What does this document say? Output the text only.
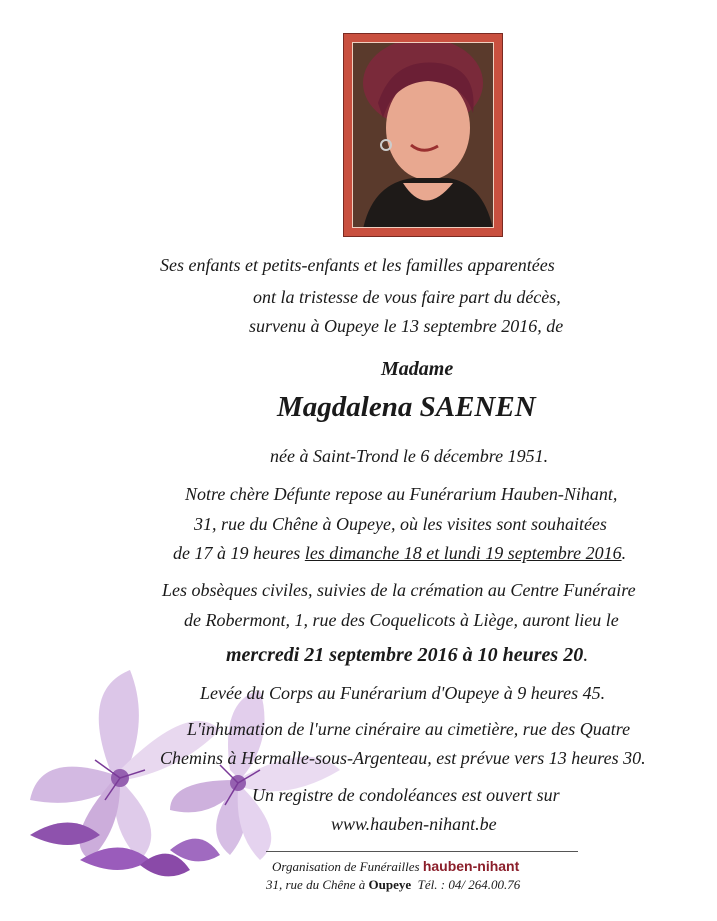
Ses enfants et petits-enfants et les familles apparentées
ont la tristesse de vous faire part du décès,
survenu à Oupeye le 13 septembre 2016, de
Madame
Magdalena SAENEN
née à Saint-Trond le 6 décembre 1951.
Notre chère Défunte repose au Funérarium Hauben-Nihant,
31, rue du Chêne à Oupeye, où les visites sont souhaitées
de 17 à 19 heures les dimanche 18 et lundi 19 septembre 2016.
Les obsèques civiles, suivies de la crémation au Centre Funéraire
de Robermont, 1, rue des Coquelicots à Liège, auront lieu le
mercredi 21 septembre 2016 à 10 heures 20.
Levée du Corps au Funérarium d'Oupeye à 9 heures 45.
L'inhumation de l'urne cinéraire au cimetière, rue des Quatre
Chemins à Hermalle-sous-Argenteau, est prévue vers 13 heures 30.
Un registre de condoléances est ouvert sur
www.hauben-nihant.be
Organisation de Funérailles hauben-nihant
31, rue du Chêne à Oupeye Tél. : 04/ 264.00.76
